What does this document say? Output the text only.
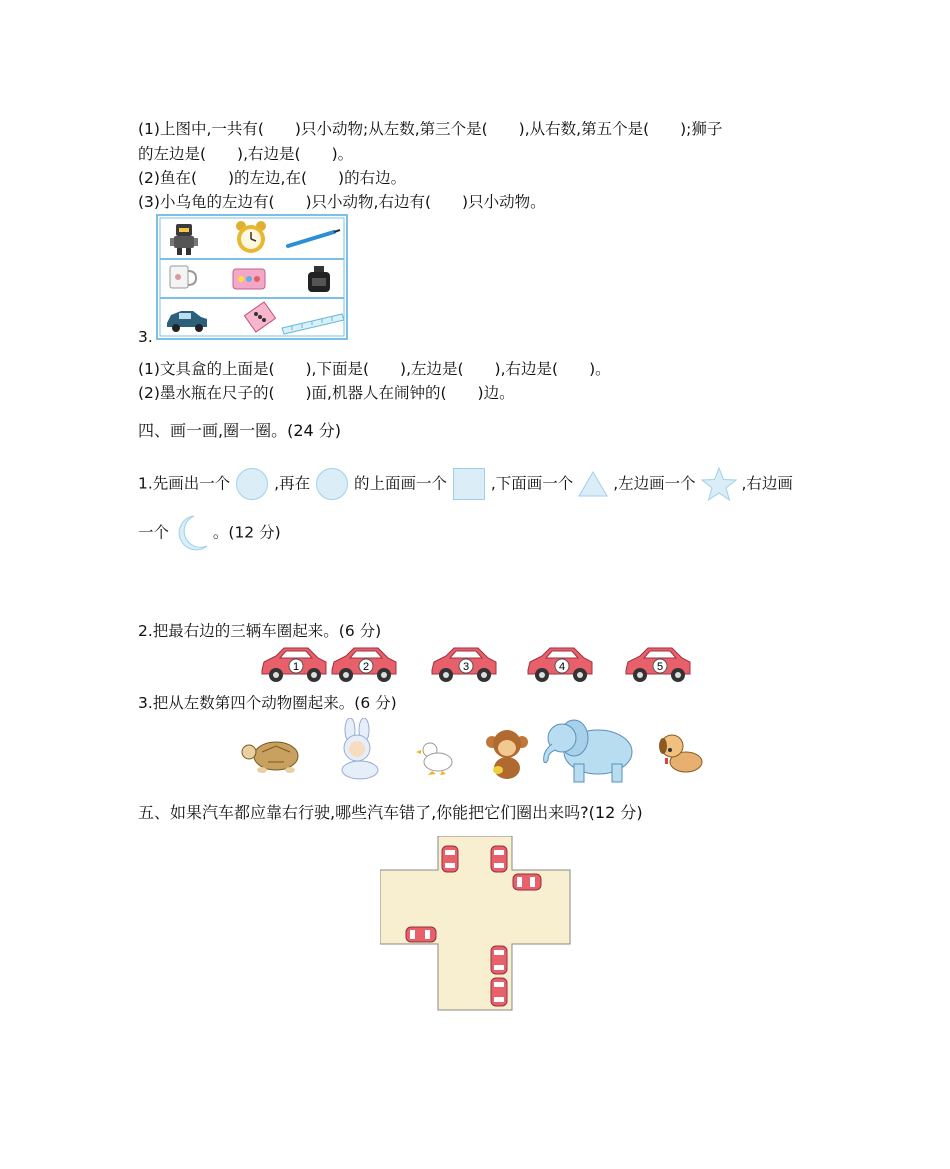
(1)上图中,一共有(　　)只小动物;从左数,第三个是(　　),从右数,第五个是(　　);狮子
的左边是(　　),右边是(　　)。
(2)鱼在(　　)的左边,在(　　)的右边。
(3)小乌龟的左边有(　　)只小动物,右边有(　　)只小动物。
3.
(1)文具盒的上面是(　　),下面是(　　),左边是(　　),右边是(　　)。
(2)墨水瓶在尺子的(　　)面,机器人在闹钟的(　　)边。
四、画一画,圈一圈。(24 分)
1.先画出一个	,再在	的上面画一个	,下面画一个	,左边画一个	,右边画
一个	。(12 分)
2.把最右边的三辆车圈起来。(6 分)
1	2	3	4	5
3.把从左数第四个动物圈起来。(6 分)
五、如果汽车都应靠右行驶,哪些汽车错了,你能把它们圈出来吗?(12 分)
